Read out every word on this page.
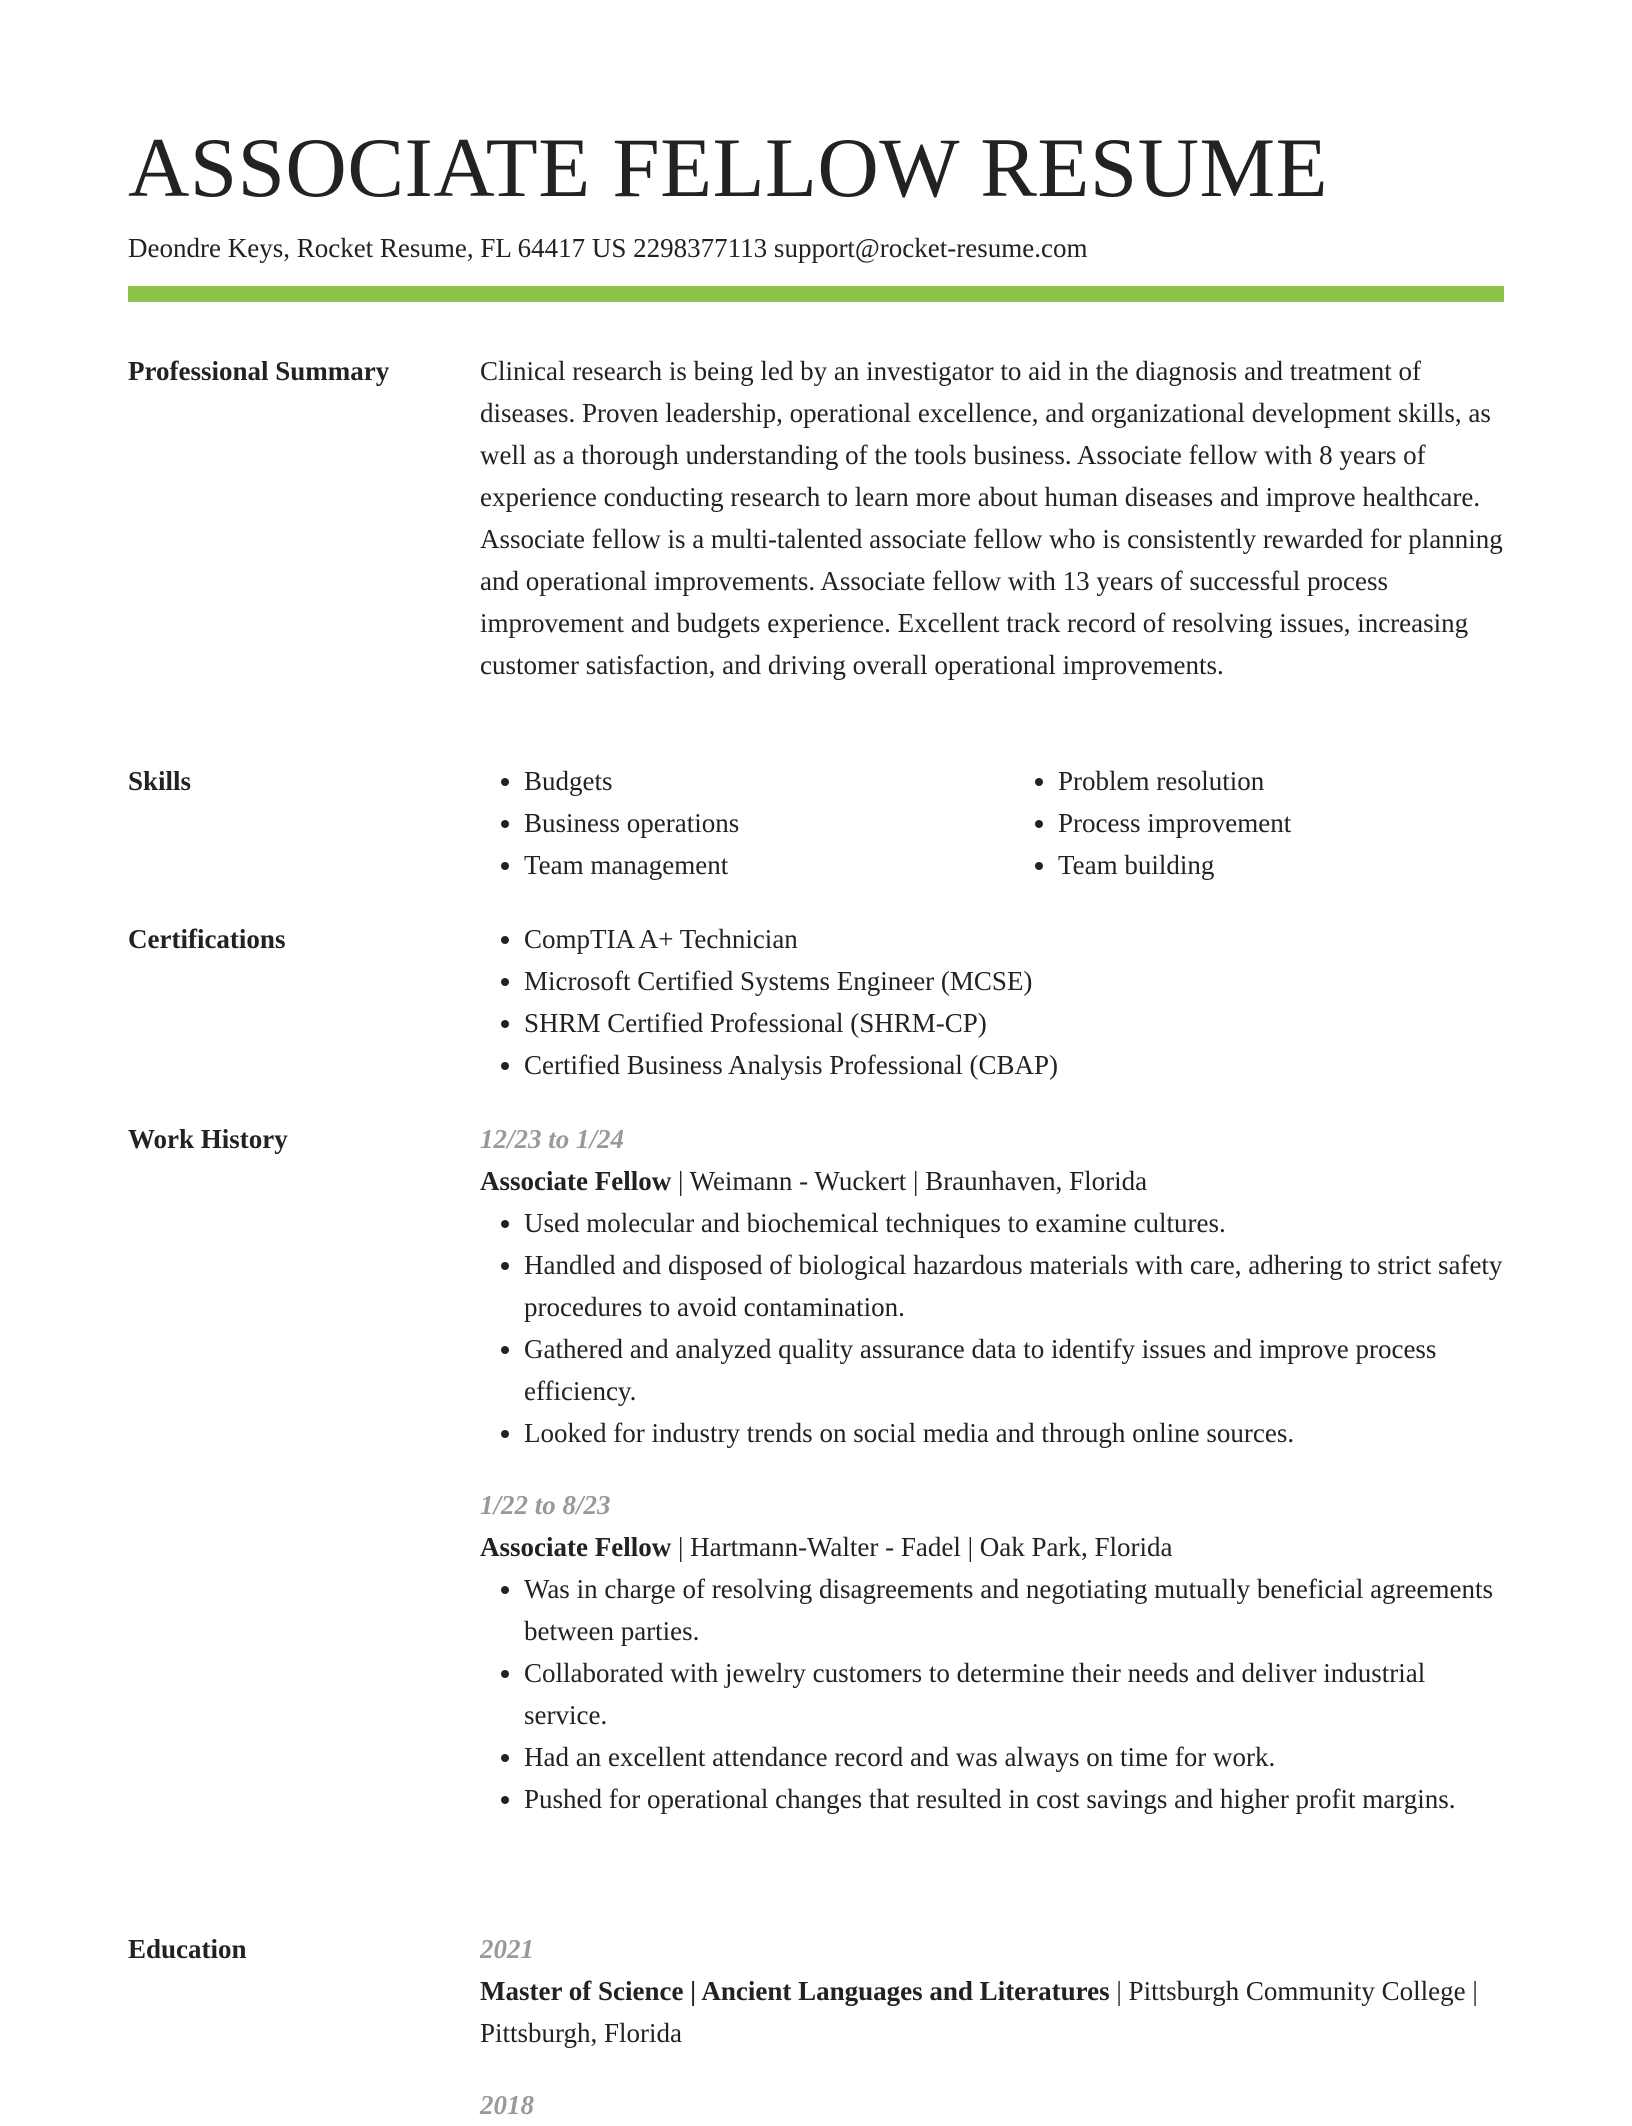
ASSOCIATE FELLOW RESUME
Deondre Keys, Rocket Resume, FL 64417 US 2298377113 support@rocket-resume.com
Professional Summary	Clinical research is being led by an investigator to aid in the diagnosis and treatment of diseases. Proven leadership, operational excellence, and organizational development skills, as well as a thorough understanding of the tools business. Associate fellow with 8 years of experience conducting research to learn more about human diseases and improve healthcare. Associate fellow is a multi-talented associate fellow who is consistently rewarded for planning and operational improvements. Associate fellow with 13 years of successful process improvement and budgets experience. Excellent track record of resolving issues, increasing customer satisfaction, and driving overall operational improvements.

Skills	• Budgets
• Business operations
• Team management
• Problem resolution
• Process improvement
• Team building
Certifications	• CompTIA A+ Technician
• Microsoft Certified Systems Engineer (MCSE)
• SHRM Certified Professional (SHRM-CP)
• Certified Business Analysis Professional (CBAP)
Work History	12/23 to 1/24
Associate Fellow | Weimann - Wuckert | Braunhaven, Florida
• Used molecular and biochemical techniques to examine cultures.
• Handled and disposed of biological hazardous materials with care, adhering to strict safety procedures to avoid contamination.
• Gathered and analyzed quality assurance data to identify issues and improve process efficiency.
• Looked for industry trends on social media and through online sources.
1/22 to 8/23
Associate Fellow | Hartmann-Walter - Fadel | Oak Park, Florida
• Was in charge of resolving disagreements and negotiating mutually beneficial agreements between parties.
• Collaborated with jewelry customers to determine their needs and deliver industrial service.
• Had an excellent attendance record and was always on time for work.
• Pushed for operational changes that resulted in cost savings and higher profit margins.
Education	2021
Master of Science | Ancient Languages and Literatures | Pittsburgh Community College | Pittsburgh, Florida
2018
